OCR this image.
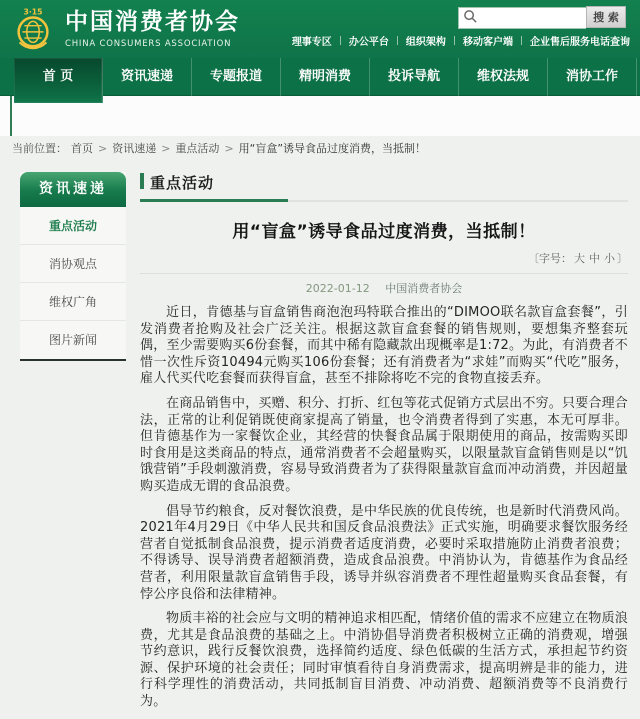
3·15 中国消费者协会
CHINA CONSUMERS ASSOCIATION
搜 索
理事专区 | 办公平台 | 组织架构 | 移动客户端 | 企业售后服务电话查询
首 页	资讯速递	专题报道	精明消费	投诉导航	维权法规	消协工作
当前位置： 首页 > 资讯速递 > 重点活动 > 用“盲盒”诱导食品过度消费，当抵制！
资讯速递
重点活动
消协观点
维权广角
图片新闻
重点活动
用“盲盒”诱导食品过度消费，当抵制！
〔字号： 大 中 小 〕
2022-01-12 中国消费者协会

近日，肯德基与盲盒销售商泡泡玛特联合推出的“DIMOO联名款盲盒套餐”，引发消费者抢购及社会广泛关注。根据这款盲盒套餐的销售规则，要想集齐整套玩偶，至少需要购买6份套餐，而其中稀有隐藏款出现概率是1:72。为此，有消费者不惜一次性斥资10494元购买106份套餐；还有消费者为“求娃”而购买“代吃”服务，雇人代买代吃套餐而获得盲盒，甚至不排除将吃不完的食物直接丢弃。

在商品销售中，买赠、积分、打折、红包等花式促销方式层出不穷。只要合理合法，正常的让利促销既使商家提高了销量，也令消费者得到了实惠，本无可厚非。但肯德基作为一家餐饮企业，其经营的快餐食品属于限期使用的商品，按需购买即时食用是这类商品的特点，通常消费者不会超量购买，以限量款盲盒销售则是以“饥饿营销”手段刺激消费，容易导致消费者为了获得限量款盲盒而冲动消费，并因超量购买造成无谓的食品浪费。

倡导节约粮食，反对餐饮浪费，是中华民族的优良传统，也是新时代消费风尚。2021年4月29日《中华人民共和国反食品浪费法》正式实施，明确要求餐饮服务经营者自觉抵制食品浪费，提示消费者适度消费，必要时采取措施防止消费者浪费；不得诱导、误导消费者超额消费，造成食品浪费。中消协认为，肯德基作为食品经营者，利用限量款盲盒销售手段，诱导并纵容消费者不理性超量购买食品套餐，有悖公序良俗和法律精神。

物质丰裕的社会应与文明的精神追求相匹配，情绪价值的需求不应建立在物质浪费，尤其是食品浪费的基础之上。中消协倡导消费者积极树立正确的消费观，增强节约意识，践行反餐饮浪费，选择简约适度、绿色低碳的生活方式，承担起节约资源、保护环境的社会责任；同时审慎看待自身消费需求，提高明辨是非的能力，进行科学理性的消费活动，共同抵制盲目消费、冲动消费、超额消费等不良消费行为。
